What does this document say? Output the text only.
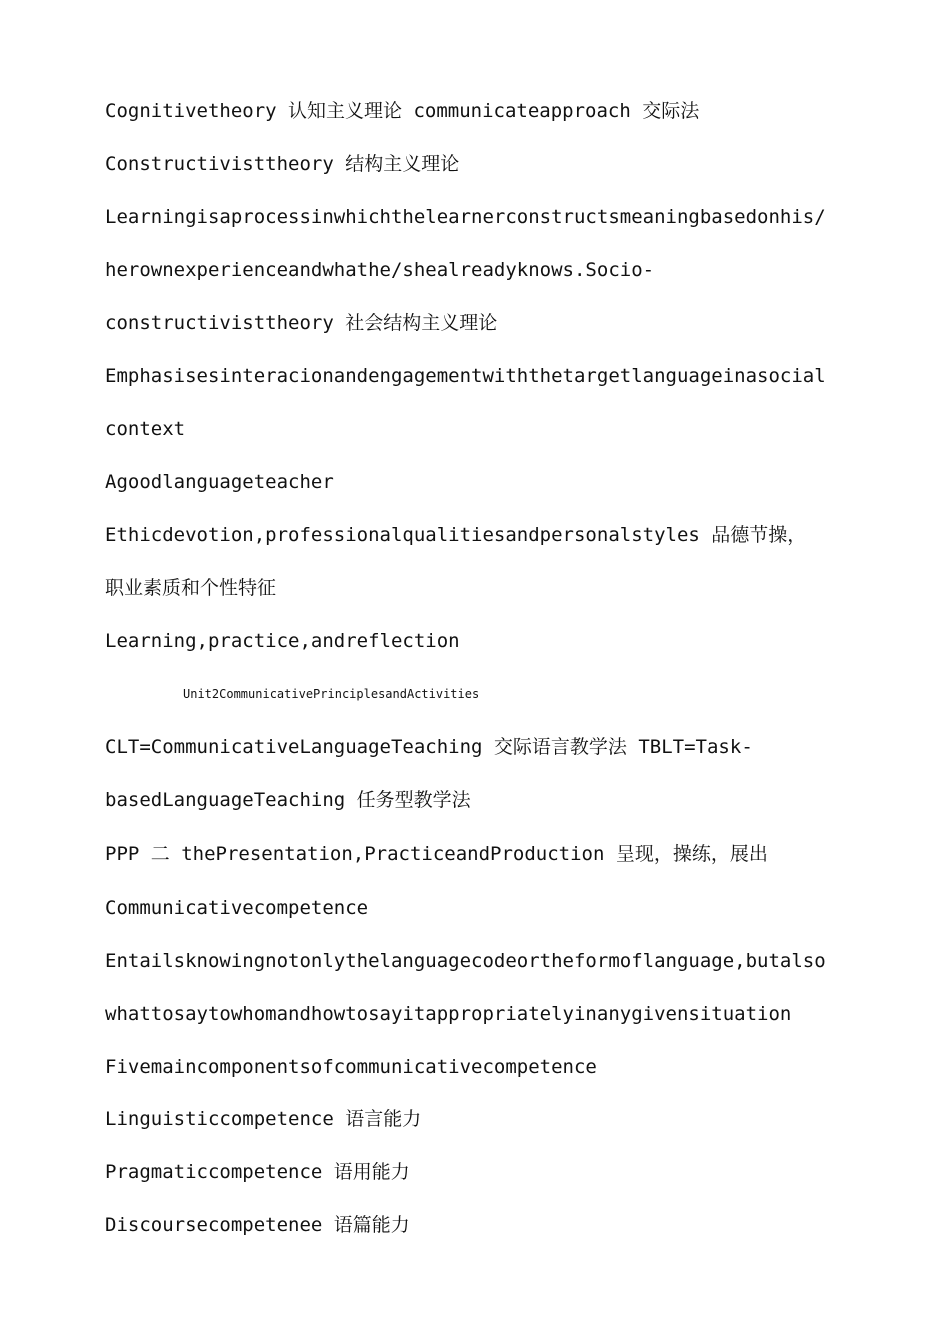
Cognitivetheory 认知主义理论 communicateapproach 交际法
Constructivisttheory 结构主义理论
Learningisaprocessinwhichthelearnerconstructsmeaningbasedonhis/
herownexperienceandwhathe/shealreadyknows.Socio-
constructivisttheory 社会结构主义理论
Emphasisesinteracionandengagementwiththetargetlanguageinasocial
context
Agoodlanguageteacher
Ethicdevotion,professionalqualitiesandpersonalstyles 品德节操，
职业素质和个性特征
Learning,practice,andreflection
Unit2CommunicativePrinciplesandActivities
CLT=CommunicativeLanguageTeaching 交际语言教学法 TBLT=Task-
basedLanguageTeaching 任务型教学法
PPP 二 thePresentation,PracticeandProduction 呈现，操练，展出
Communicativecompetence
Entailsknowingnotonlythelanguagecodeortheformoflanguage,butalso
whattosaytowhomandhowtosayitappropriatelyinanygivensituation
Fivemaincomponentsofcommunicativecompetence
Linguisticcompetence 语言能力
Pragmaticcompetence 语用能力
Discoursecompetenee 语篇能力
